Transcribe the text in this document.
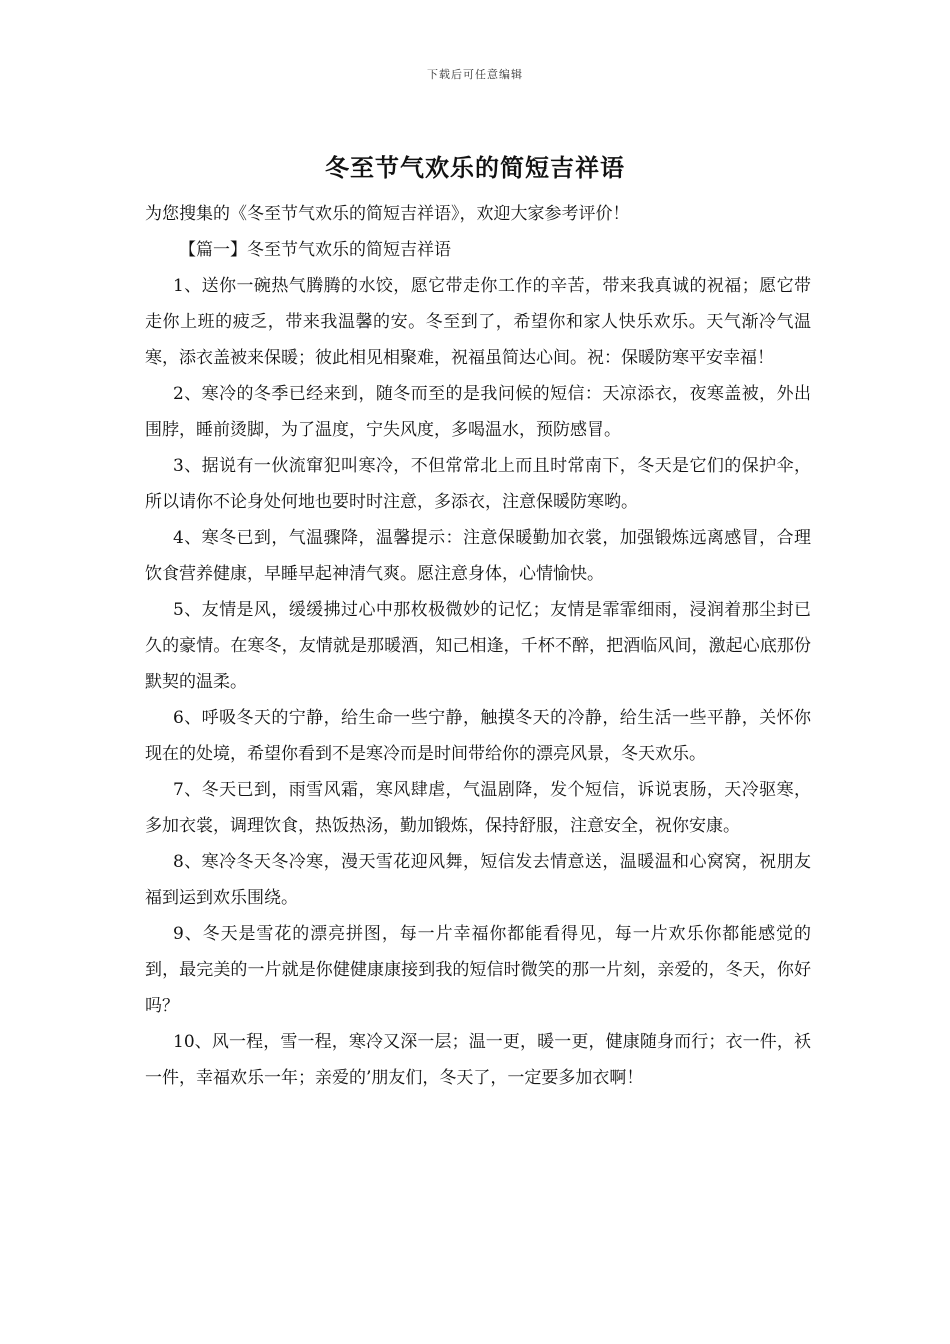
下载后可任意编辑
冬至节气欢乐的简短吉祥语

为您搜集的《冬至节气欢乐的简短吉祥语》，欢迎大家参考评价！

【篇一】冬至节气欢乐的简短吉祥语

1、送你一碗热气腾腾的水饺，愿它带走你工作的辛苦，带来我真诚的祝福；愿它带走你上班的疲乏，带来我温馨的安。冬至到了，希望你和家人快乐欢乐。天气渐冷气温寒，添衣盖被来保暖；彼此相见相聚难，祝福虽简达心间。祝：保暖防寒平安幸福！

2、寒冷的冬季已经来到，随冬而至的是我问候的短信：天凉添衣，夜寒盖被，外出围脖，睡前烫脚，为了温度，宁失风度，多喝温水，预防感冒。

3、据说有一伙流窜犯叫寒冷，不但常常北上而且时常南下，冬天是它们的保护伞，所以请你不论身处何地也要时时注意，多添衣，注意保暖防寒哟。

4、寒冬已到，气温骤降，温馨提示：注意保暖勤加衣裳，加强锻炼远离感冒，合理饮食营养健康，早睡早起神清气爽。愿注意身体，心情愉快。

5、友情是风，缓缓拂过心中那枚极微妙的记忆；友情是霏霏细雨，浸润着那尘封已久的豪情。在寒冬，友情就是那暖酒，知己相逢，千杯不醉，把酒临风间，激起心底那份默契的温柔。

6、呼吸冬天的宁静，给生命一些宁静，触摸冬天的冷静，给生活一些平静，关怀你现在的处境，希望你看到不是寒冷而是时间带给你的漂亮风景，冬天欢乐。

7、冬天已到，雨雪风霜，寒风肆虐，气温剧降，发个短信，诉说衷肠，天冷驱寒，多加衣裳，调理饮食，热饭热汤，勤加锻炼，保持舒服，注意安全，祝你安康。

8、寒冷冬天冬冷寒，漫天雪花迎风舞，短信发去情意送，温暖温和心窝窝，祝朋友福到运到欢乐围绕。

9、冬天是雪花的漂亮拼图，每一片幸福你都能看得见，每一片欢乐你都能感觉的到，最完美的一片就是你健健康康接到我的短信时微笑的那一片刻，亲爱的，冬天，你好吗？

10、风一程，雪一程，寒冷又深一层；温一更，暖一更，健康随身而行；衣一件，袄一件，幸福欢乐一年；亲爱的’朋友们，冬天了，一定要多加衣啊！
